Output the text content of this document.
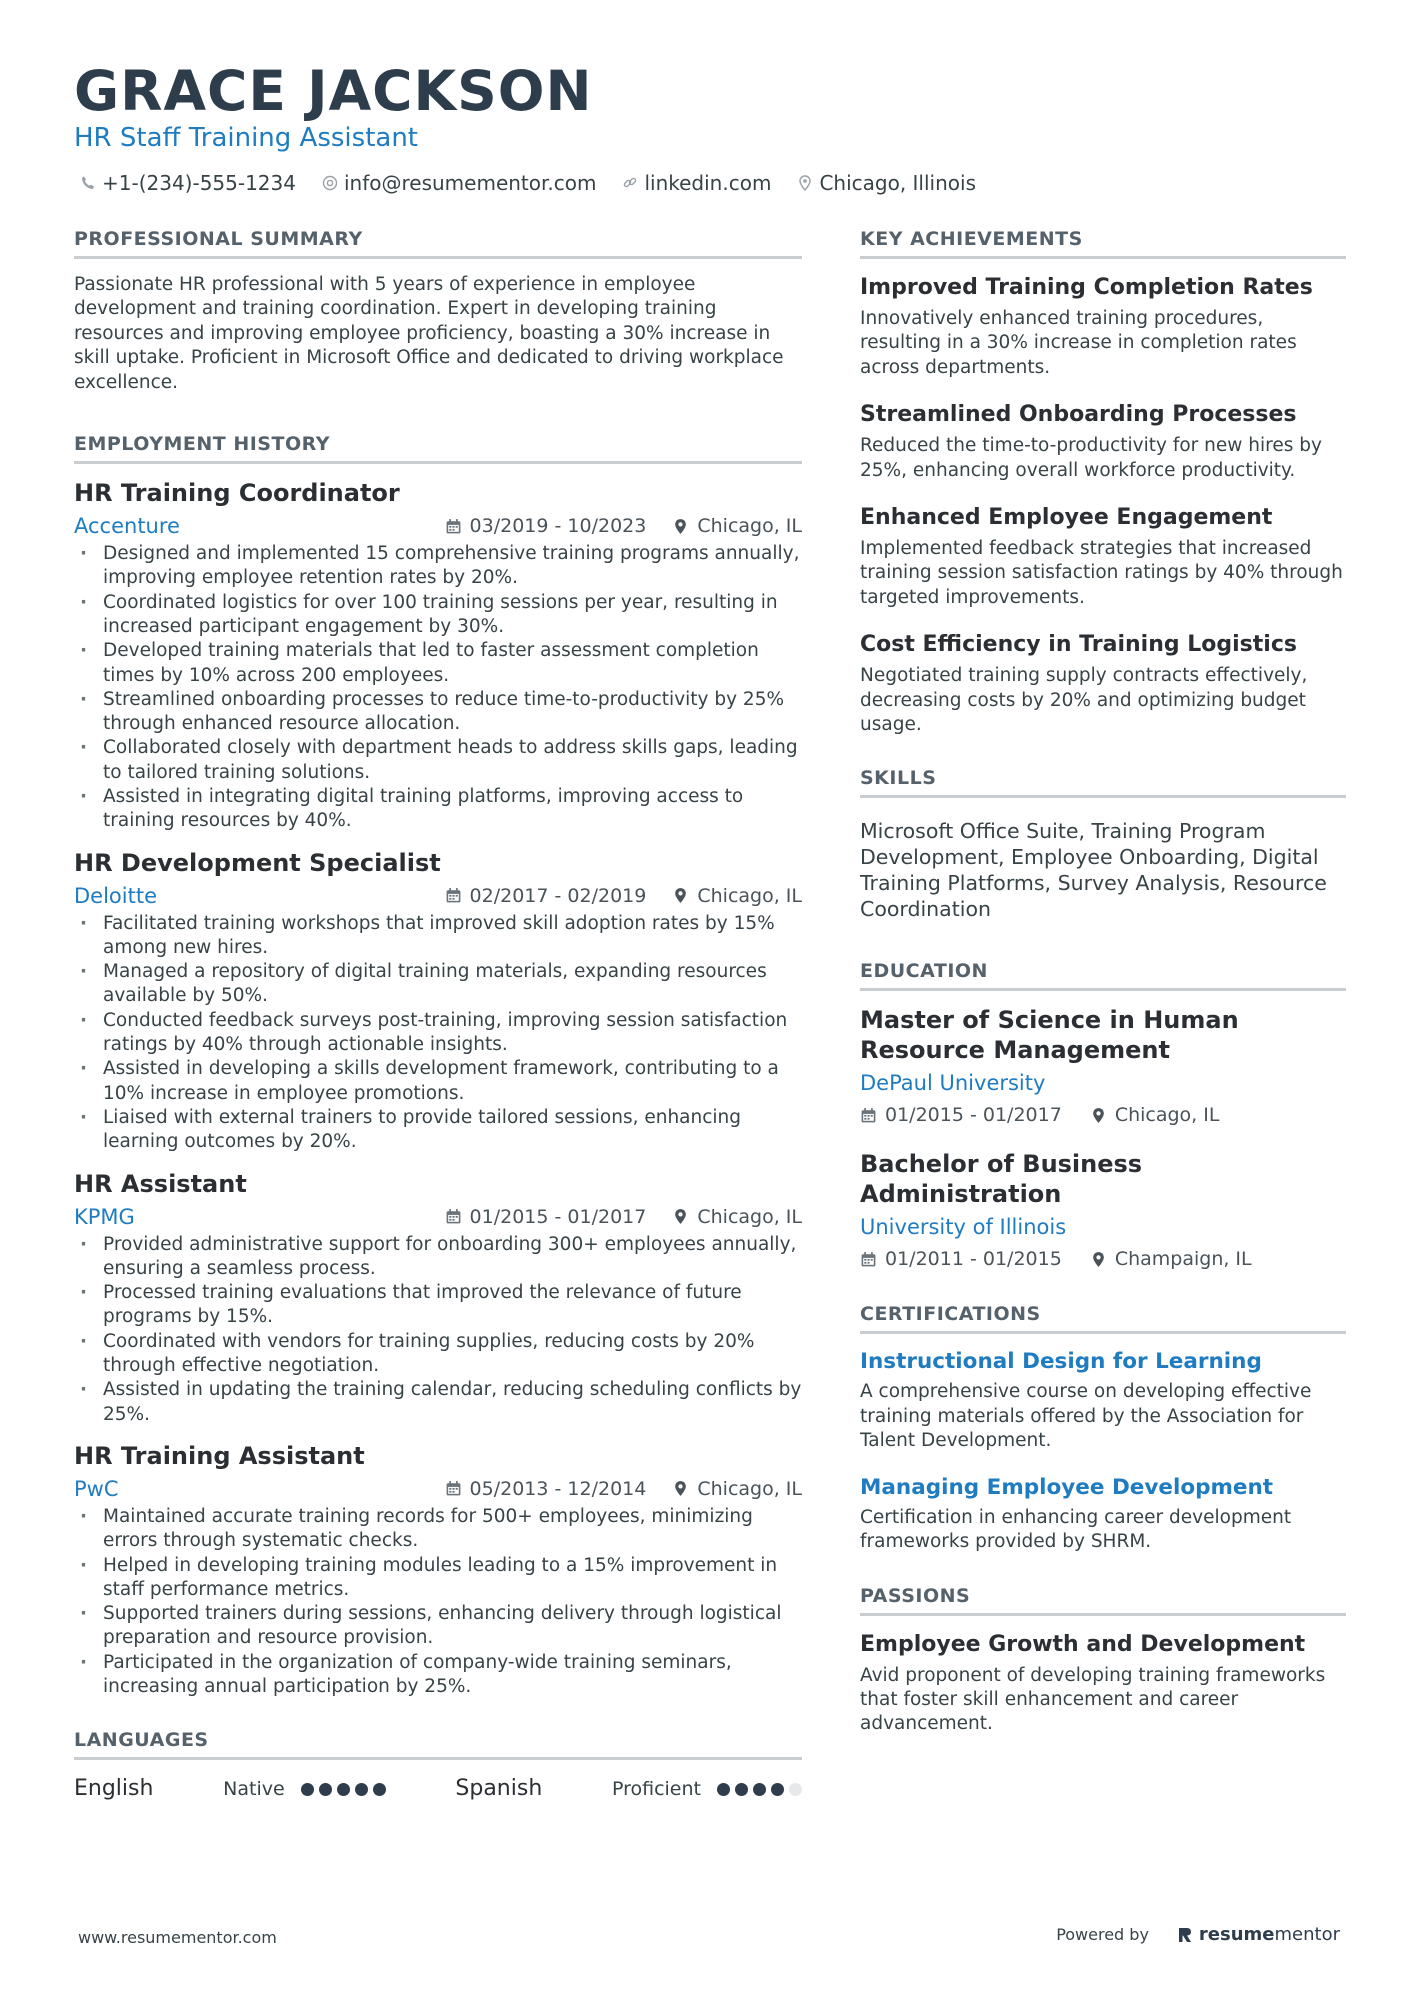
GRACE JACKSON
HR Staff Training Assistant
+1-(234)-555-1234 info@resumementor.com linkedin.com Chicago, Illinois
PROFESSIONAL SUMMARY

Passionate HR professional with 5 years of experience in employee development and training coordination. Expert in developing training resources and improving employee proficiency, boasting a 30% increase in skill uptake. Proficient in Microsoft Office and dedicated to driving workplace excellence.

EMPLOYMENT HISTORY
HR Training Coordinator
Accenture	03/2019 - 10/2023	Chicago, IL
· Designed and implemented 15 comprehensive training programs annually, improving employee retention rates by 20%.
· Coordinated logistics for over 100 training sessions per year, resulting in increased participant engagement by 30%.
· Developed training materials that led to faster assessment completion times by 10% across 200 employees.
· Streamlined onboarding processes to reduce time-to-productivity by 25% through enhanced resource allocation.
· Collaborated closely with department heads to address skills gaps, leading to tailored training solutions.
· Assisted in integrating digital training platforms, improving access to training resources by 40%.
HR Development Specialist
Deloitte	02/2017 - 02/2019	Chicago, IL
· Facilitated training workshops that improved skill adoption rates by 15% among new hires.
· Managed a repository of digital training materials, expanding resources available by 50%.
· Conducted feedback surveys post-training, improving session satisfaction ratings by 40% through actionable insights.
· Assisted in developing a skills development framework, contributing to a 10% increase in employee promotions.
· Liaised with external trainers to provide tailored sessions, enhancing learning outcomes by 20%.
HR Assistant
KPMG	01/2015 - 01/2017	Chicago, IL
· Provided administrative support for onboarding 300+ employees annually, ensuring a seamless process.
· Processed training evaluations that improved the relevance of future programs by 15%.
· Coordinated with vendors for training supplies, reducing costs by 20% through effective negotiation.
· Assisted in updating the training calendar, reducing scheduling conflicts by 25%.
HR Training Assistant
PwC	05/2013 - 12/2014	Chicago, IL
· Maintained accurate training records for 500+ employees, minimizing errors through systematic checks.
· Helped in developing training modules leading to a 15% improvement in staff performance metrics.
· Supported trainers during sessions, enhancing delivery through logistical preparation and resource provision.
· Participated in the organization of company-wide training seminars, increasing annual participation by 25%.
LANGUAGES
English	Native	Spanish	Proficient
KEY ACHIEVEMENTS
Improved Training Completion Rates

Innovatively enhanced training procedures, resulting in a 30% increase in completion rates across departments.

Streamlined Onboarding Processes

Reduced the time-to-productivity for new hires by 25%, enhancing overall workforce productivity.

Enhanced Employee Engagement

Implemented feedback strategies that increased training session satisfaction ratings by 40% through targeted improvements.

Cost Efficiency in Training Logistics

Negotiated training supply contracts effectively, decreasing costs by 20% and optimizing budget usage.

SKILLS

Microsoft Office Suite, Training Program Development, Employee Onboarding, Digital Training Platforms, Survey Analysis, Resource Coordination

EDUCATION
Master of Science in Human Resource Management
DePaul University
01/2015 - 01/2017	Chicago, IL
Bachelor of Business Administration
University of Illinois
01/2011 - 01/2015	Champaign, IL
CERTIFICATIONS
Instructional Design for Learning

A comprehensive course on developing effective training materials offered by the Association for Talent Development.

Managing Employee Development

Certification in enhancing career development frameworks provided by SHRM.

PASSIONS
Employee Growth and Development

Avid proponent of developing training frameworks that foster skill enhancement and career advancement.

www.resumementor.com	Powered by	resumementor
